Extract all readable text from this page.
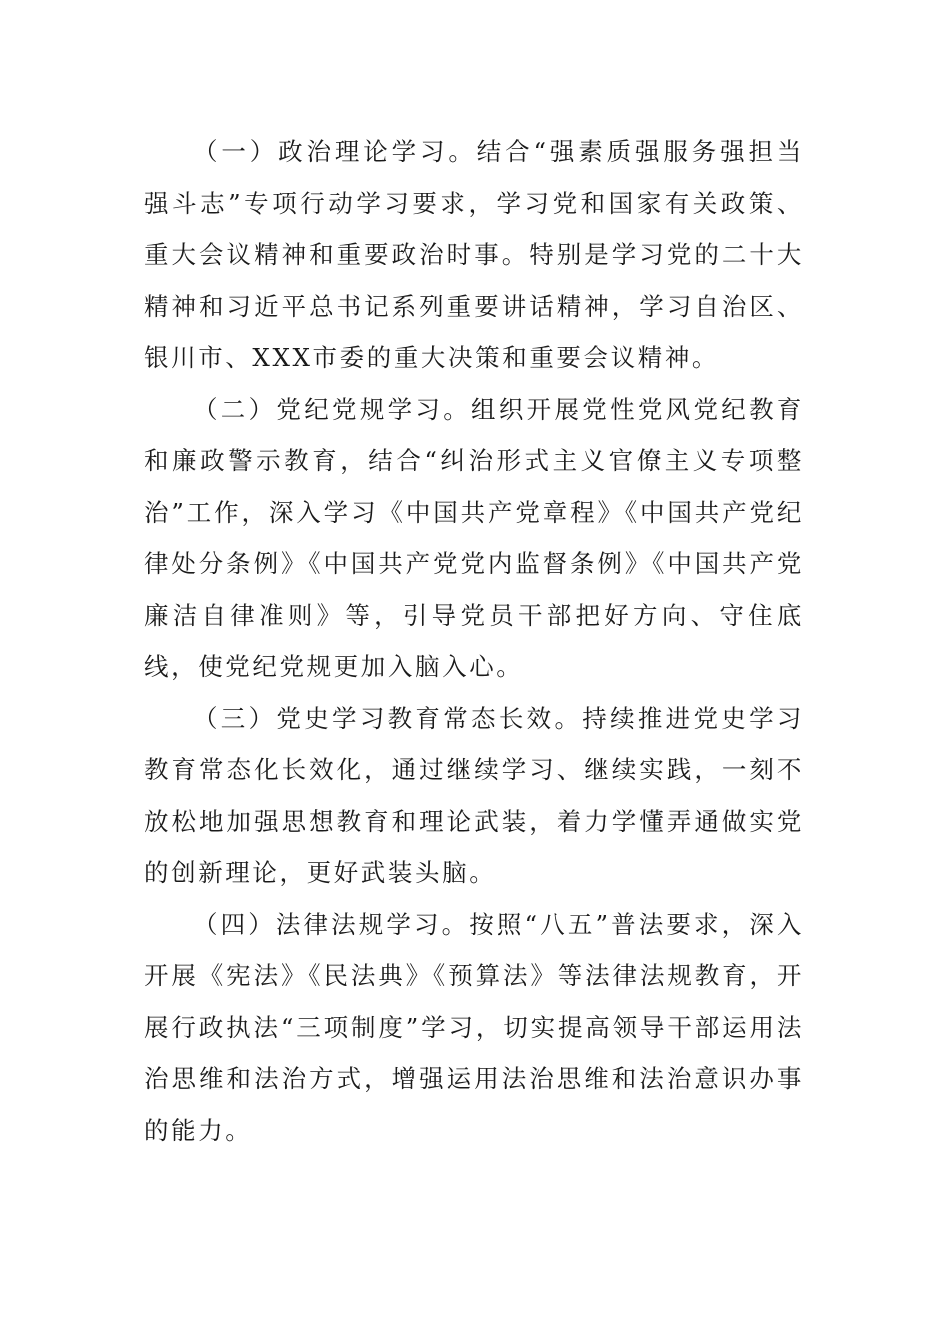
（一）政治理论学习。结合“强素质强服务强担当强斗志”专项行动学习要求，学习党和国家有关政策、重大会议精神和重要政治时事。特别是学习党的二十大精神和习近平总书记系列重要讲话精神，学习自治区、银川市、XXX市委的重大决策和重要会议精神。

（二）党纪党规学习。组织开展党性党风党纪教育和廉政警示教育，结合“纠治形式主义官僚主义专项整治”工作，深入学习《中国共产党章程》《中国共产党纪律处分条例》《中国共产党党内监督条例》《中国共产党廉洁自律准则》等，引导党员干部把好方向、守住底线，使党纪党规更加入脑入心。

（三）党史学习教育常态长效。持续推进党史学习教育常态化长效化，通过继续学习、继续实践，一刻不放松地加强思想教育和理论武装，着力学懂弄通做实党的创新理论，更好武装头脑。

（四）法律法规学习。按照“八五”普法要求，深入开展《宪法》《民法典》《预算法》等法律法规教育，开展行政执法“三项制度”学习，切实提高领导干部运用法治思维和法治方式，增强运用法治思维和法治意识办事的能力。
